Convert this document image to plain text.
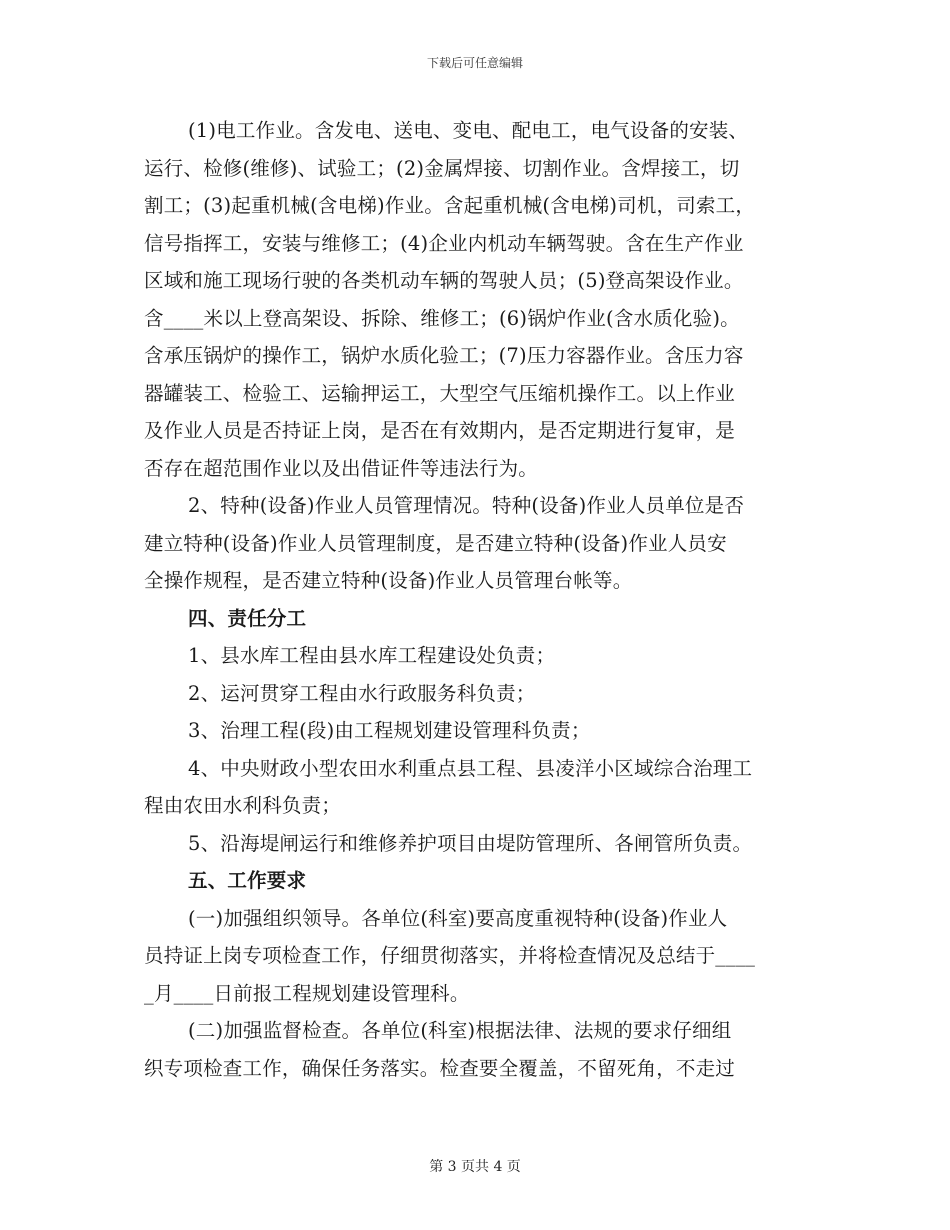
下载后可任意编辑
(1)电工作业。含发电、送电、变电、配电工，电气设备的安装、
运行、检修(维修)、试验工；(2)金属焊接、切割作业。含焊接工，切
割工；(3)起重机械(含电梯)作业。含起重机械(含电梯)司机，司索工，
信号指挥工，安装与维修工；(4)企业内机动车辆驾驶。含在生产作业
区域和施工现场行驶的各类机动车辆的驾驶人员；(5)登高架设作业。
含____米以上登高架设、拆除、维修工；(6)锅炉作业(含水质化验)。
含承压锅炉的操作工，锅炉水质化验工；(7)压力容器作业。含压力容
器罐装工、检验工、运输押运工，大型空气压缩机操作工。以上作业
及作业人员是否持证上岗，是否在有效期内，是否定期进行复审，是
否存在超范围作业以及出借证件等违法行为。
2、特种(设备)作业人员管理情况。特种(设备)作业人员单位是否
建立特种(设备)作业人员管理制度，是否建立特种(设备)作业人员安
全操作规程，是否建立特种(设备)作业人员管理台帐等。
四、责任分工
1、县水库工程由县水库工程建设处负责；
2、运河贯穿工程由水行政服务科负责；
3、治理工程(段)由工程规划建设管理科负责；
4、中央财政小型农田水利重点县工程、县凌洋小区域综合治理工
程由农田水利科负责；
5、沿海堤闸运行和维修养护项目由堤防管理所、各闸管所负责。
五、工作要求
(一)加强组织领导。各单位(科室)要高度重视特种(设备)作业人
员持证上岗专项检查工作，仔细贯彻落实，并将检查情况及总结于____
_月____日前报工程规划建设管理科。
(二)加强监督检查。各单位(科室)根据法律、法规的要求仔细组
织专项检查工作，确保任务落实。检查要全覆盖，不留死角，不走过
第 3 页共 4 页
